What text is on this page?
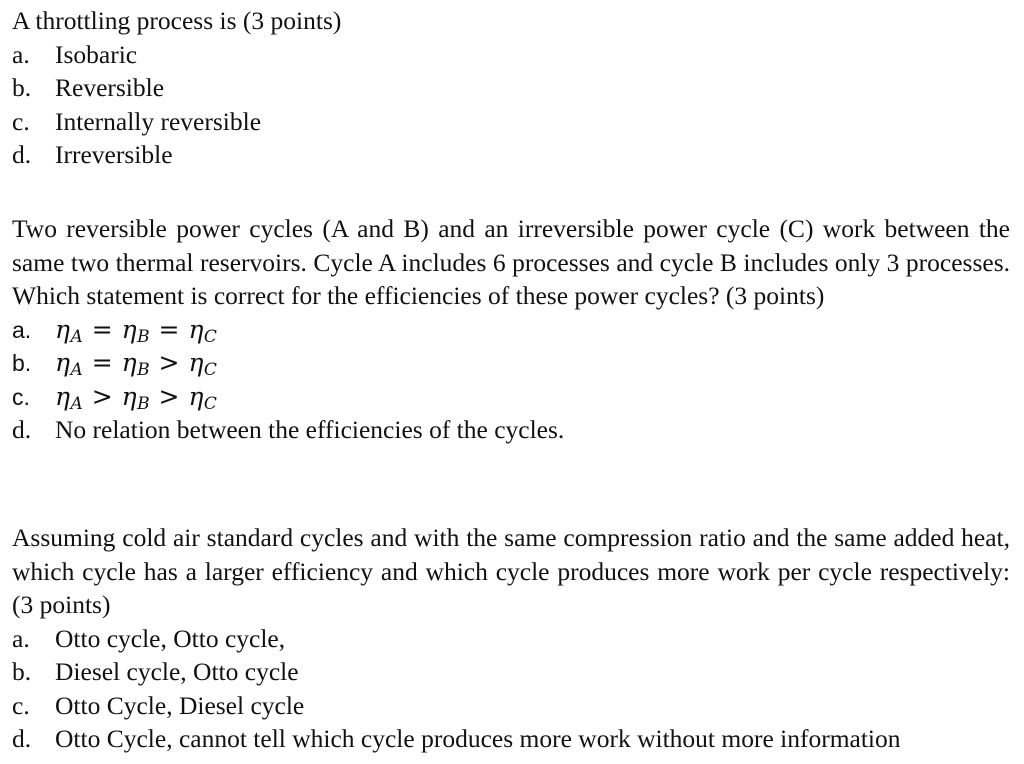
A throttling process is (3 points)

a. Isobaric
b. Reversible
c. Internally reversible
d. Irreversible

Two reversible power cycles (A and B) and an irreversible power cycle (C) work between the same two thermal reservoirs. Cycle A includes 6 processes and cycle B includes only 3 processes. Which statement is correct for the efficiencies of these power cycles? (3 points)

a. $\eta_A = \eta_B = \eta_C$
b. $\eta_A = \eta_B > \eta_C$
c.	$\eta_A > \eta_B > \eta_C$
d. No relation between the efficiencies of the cycles.

Assuming cold air standard cycles and with the same compression ratio and the same added heat, which cycle has a larger efficiency and which cycle produces more work per cycle respectively: (3 points)

a. Otto cycle, Otto cycle,
b. Diesel cycle, Otto cycle
c. Otto Cycle, Diesel cycle
d. Otto Cycle, cannot tell which cycle produces more work without more information
